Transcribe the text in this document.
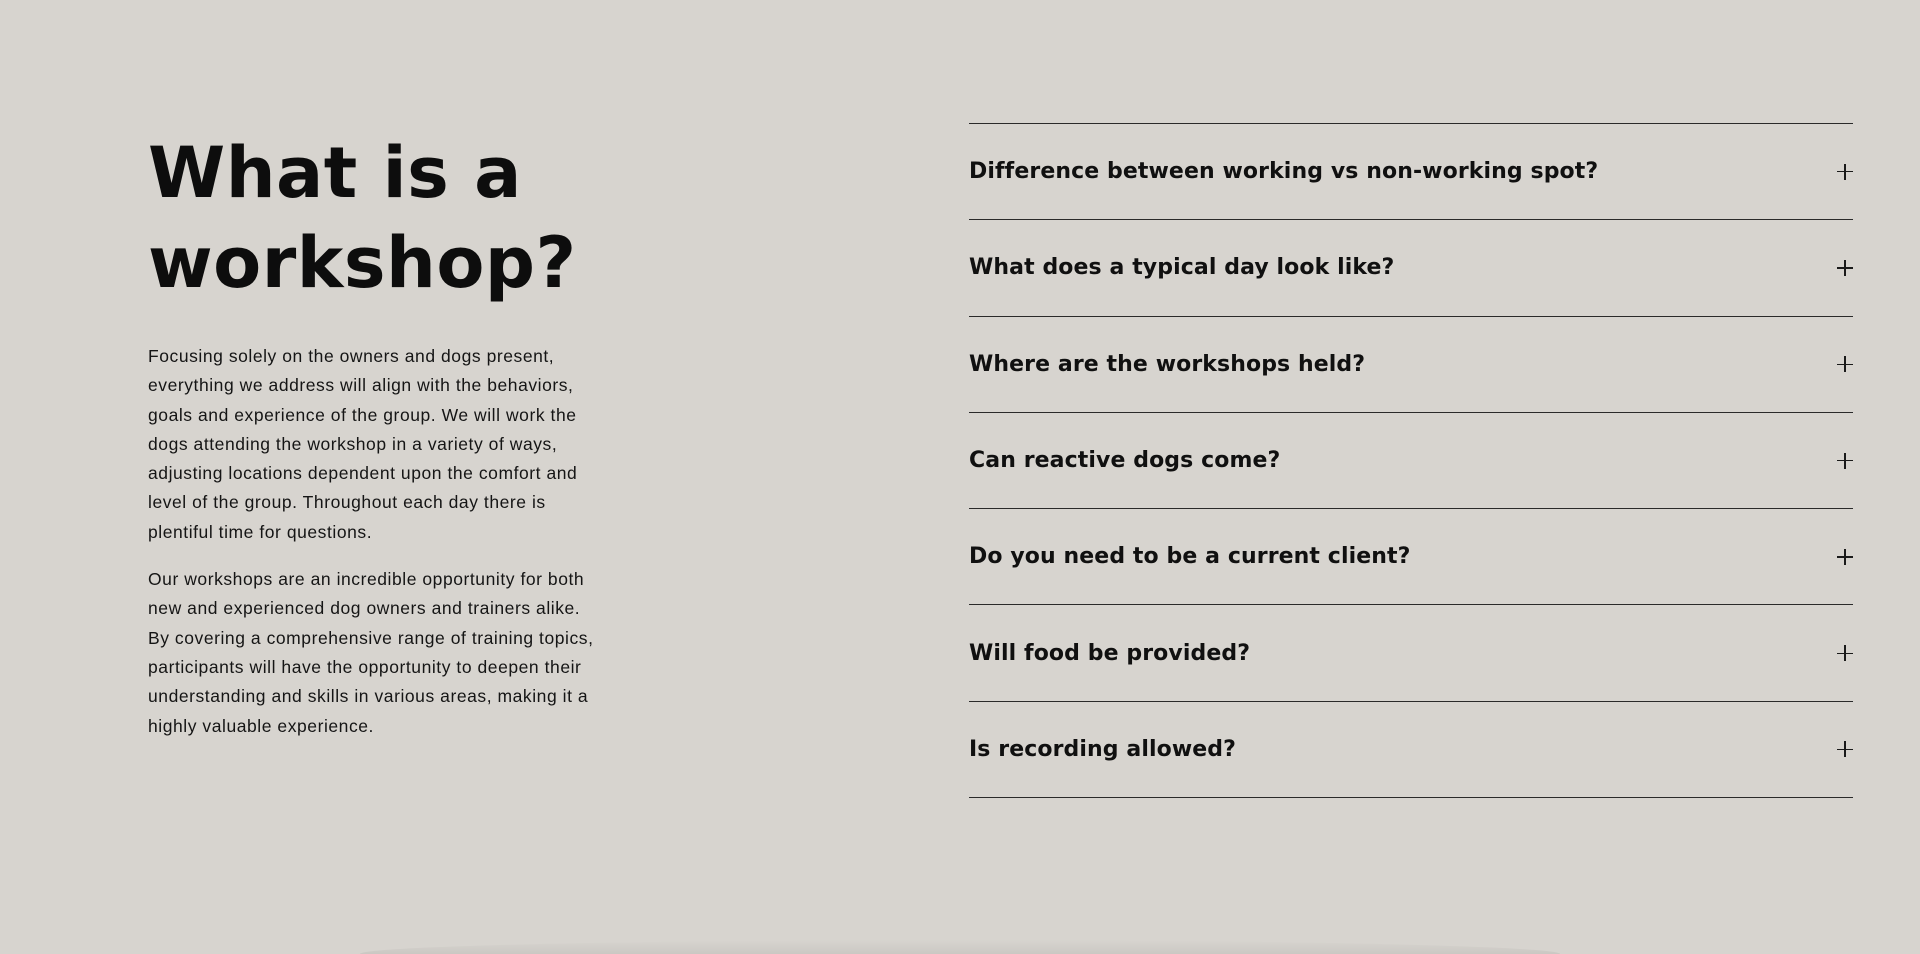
What is a
workshop?

Focusing solely on the owners and dogs present, everything we address will align with the behaviors, goals and experience of the group. We will work the dogs attending the workshop in a variety of ways, adjusting locations dependent upon the comfort and level of the group. Throughout each day there is plentiful time for questions.

Our workshops are an incredible opportunity for both new and experienced dog owners and trainers alike. By covering a comprehensive range of training topics, participants will have the opportunity to deepen their understanding and skills in various areas, making it a highly valuable experience.

Difference between working vs non-working spot?
What does a typical day look like?
Where are the workshops held?
Can reactive dogs come?
Do you need to be a current client?
Will food be provided?
Is recording allowed?
